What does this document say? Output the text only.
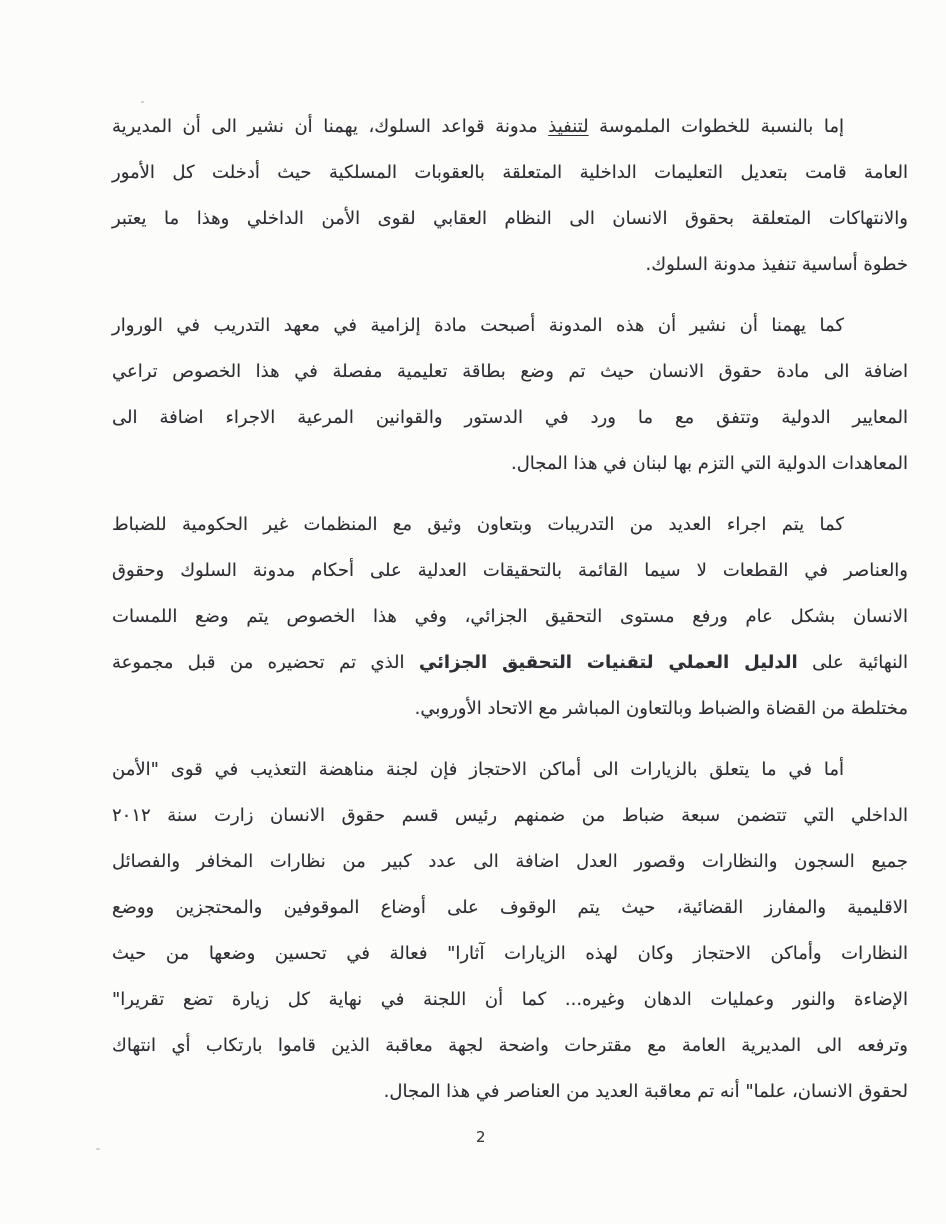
إما بالنسبة للخطوات الملموسة لتنفيذ مدونة قواعد السلوك، يهمنا أن نشير الى أن المديرية
العامة قامت بتعديل التعليمات الداخلية المتعلقة بالعقوبات المسلكية حيث أدخلت كل الأمور
والانتهاكات المتعلقة بحقوق الانسان الى النظام العقابي لقوى الأمن الداخلي وهذا ما يعتبر
خطوة أساسية تنفيذ مدونة السلوك.
كما يهمنا أن نشير أن هذه المدونة أصبحت مادة إلزامية في معهد التدريب في الوروار
اضافة الى مادة حقوق الانسان حيث تم وضع بطاقة تعليمية مفصلة في هذا الخصوص تراعي
المعايير الدولية وتتفق مع ما ورد في الدستور والقوانين المرعية الاجراء اضافة الى
المعاهدات الدولية التي التزم بها لبنان في هذا المجال.
كما يتم اجراء العديد من التدريبات وبتعاون وثيق مع المنظمات غير الحكومية للضباط
والعناصر في القطعات لا سيما القائمة بالتحقيقات العدلية على أحكام مدونة السلوك وحقوق
الانسان بشكل عام ورفع مستوى التحقيق الجزائي، وفي هذا الخصوص يتم وضع اللمسات
النهائية على الدليل العملي لتقنيات التحقيق الجزائي الذي تم تحضيره من قبل مجموعة
مختلطة من القضاة والضباط وبالتعاون المباشر مع الاتحاد الأوروبي.
أما في ما يتعلق بالزيارات الى أماكن الاحتجاز فإن لجنة مناهضة التعذيب في قوى "الأمن
الداخلي التي تتضمن سبعة ضباط من ضمنهم رئيس قسم حقوق الانسان زارت سنة ٢٠١٢
جميع السجون والنظارات وقصور العدل اضافة الى عدد كبير من نظارات المخافر والفصائل
الاقليمية والمفارز القضائية، حيث يتم الوقوف على أوضاع الموقوفين والمحتجزين ووضع
النظارات وأماكن الاحتجاز وكان لهذه الزيارات آثارا" فعالة في تحسين وضعها من حيث
الإضاءة والنور وعمليات الدهان وغيره... كما أن اللجنة في نهاية كل زيارة تضع تقريرا"
وترفعه الى المديرية العامة مع مقترحات واضحة لجهة معاقبة الذين قاموا بارتكاب أي انتهاك
لحقوق الانسان، علما" أنه تم معاقبة العديد من العناصر في هذا المجال.
2
